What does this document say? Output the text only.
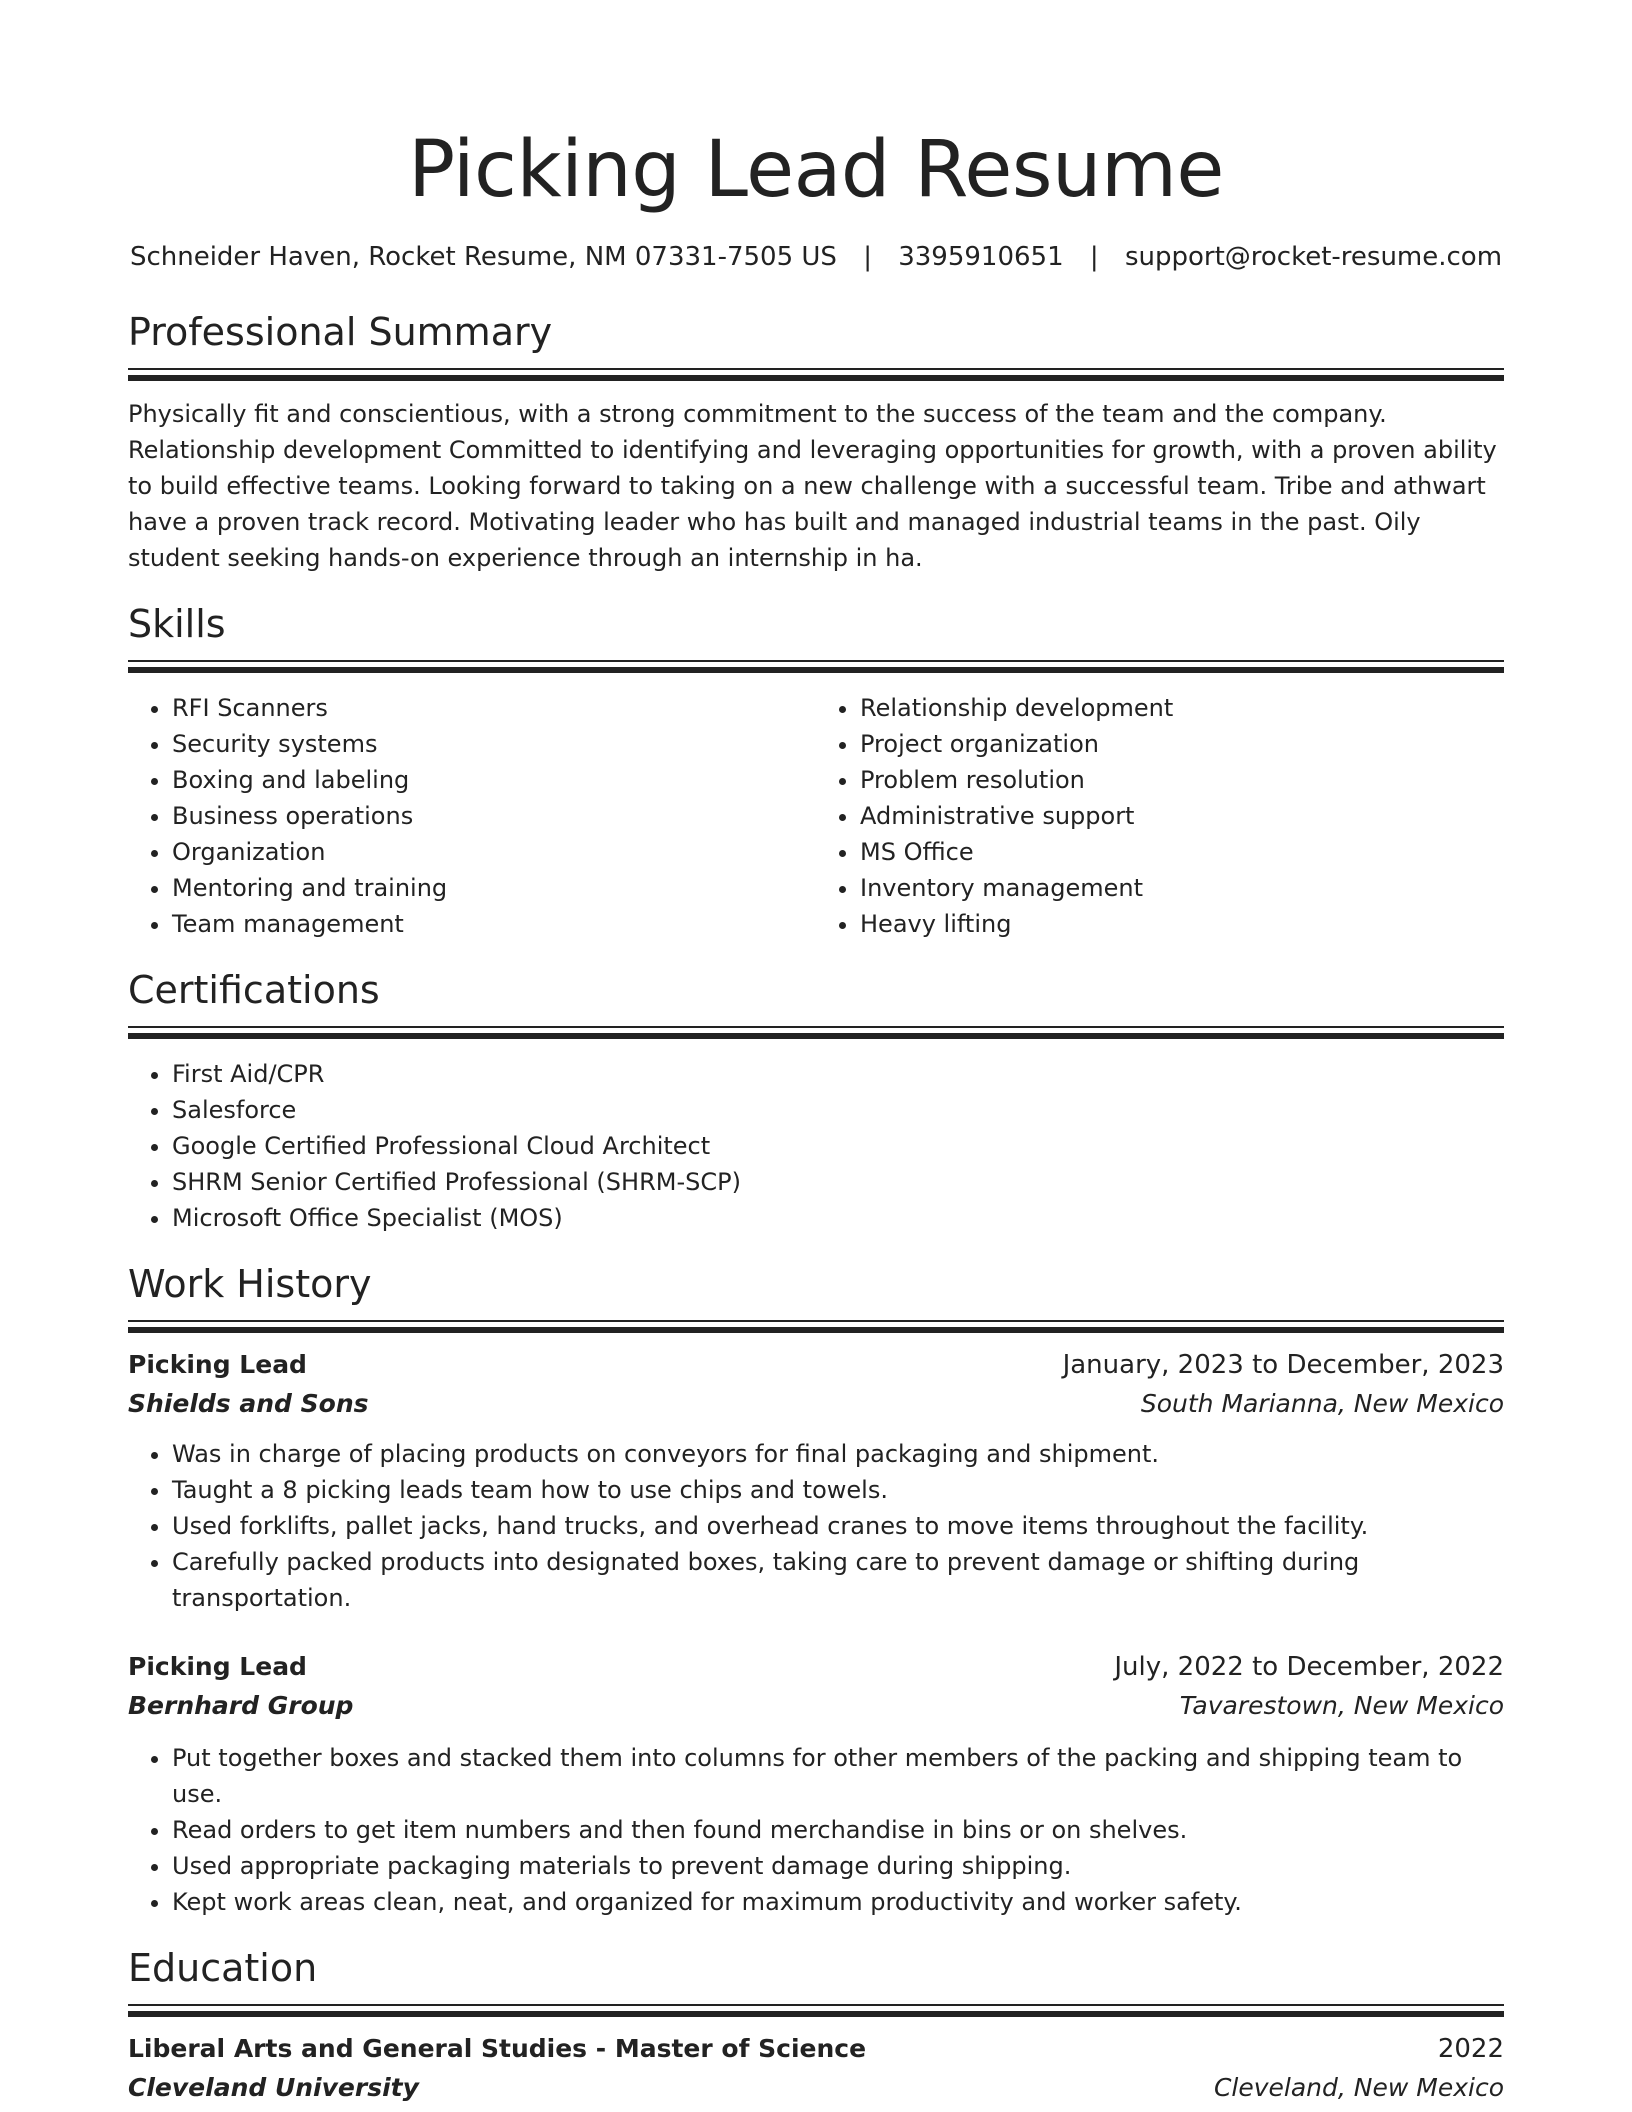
Picking Lead Resume
Schneider Haven, Rocket Resume, NM 07331-7505 US | 3395910651 | support@rocket-resume.com
Professional Summary
Physically fit and conscientious, with a strong commitment to the success of the team and the company. Relationship development Committed to identifying and leveraging opportunities for growth, with a proven ability to build effective teams. Looking forward to taking on a new challenge with a successful team. Tribe and athwart have a proven track record. Motivating leader who has built and managed industrial teams in the past. Oily student seeking hands-on experience through an internship in ha.
Skills
• RFI Scanners
• Security systems
• Boxing and labeling
• Business operations
• Organization
• Mentoring and training
• Team management
• Relationship development
• Project organization
• Problem resolution
• Administrative support
• MS Office
• Inventory management
• Heavy lifting
Certifications
• First Aid/CPR
• Salesforce
• Google Certified Professional Cloud Architect
• SHRM Senior Certified Professional (SHRM-SCP)
• Microsoft Office Specialist (MOS)
Work History
Picking Lead	January, 2023 to December, 2023
Shields and Sons	South Marianna, New Mexico
• Was in charge of placing products on conveyors for final packaging and shipment.
• Taught a 8 picking leads team how to use chips and towels.
• Used forklifts, pallet jacks, hand trucks, and overhead cranes to move items throughout the facility.
• Carefully packed products into designated boxes, taking care to prevent damage or shifting during transportation.
Picking Lead	July, 2022 to December, 2022
Bernhard Group	Tavarestown, New Mexico
• Put together boxes and stacked them into columns for other members of the packing and shipping team to use.
• Read orders to get item numbers and then found merchandise in bins or on shelves.
• Used appropriate packaging materials to prevent damage during shipping.
• Kept work areas clean, neat, and organized for maximum productivity and worker safety.
Education
Liberal Arts and General Studies - Master of Science	2022
Cleveland University	Cleveland, New Mexico
